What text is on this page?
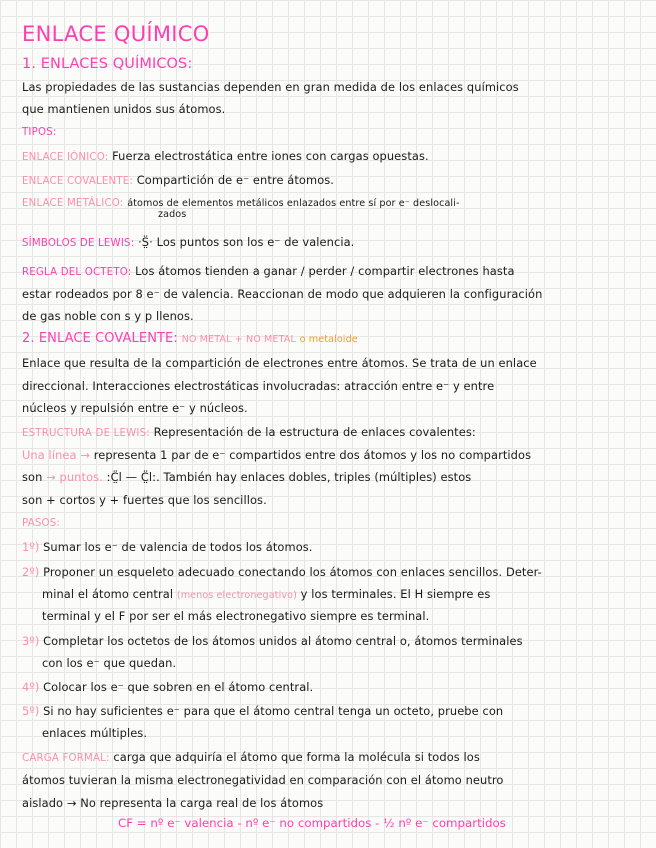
ENLACE QUÍMICO
1. ENLACES QUÍMICOS:
Las propiedades de las sustancias dependen en gran medida de los enlaces químicos
que mantienen unidos sus átomos.
TIPOS:
ENLACE IÓNICO: Fuerza electrostática entre iones con cargas opuestas.
ENLACE COVALENTE: Compartición de e⁻ entre átomos.
ENLACE METÁLICO: átomos de elementos metálicos enlazados entre sí por e⁻ deslocali-
zados
SÍMBOLOS DE LEWIS: ·S̤̈· Los puntos son los e⁻ de valencia.
REGLA DEL OCTETO: Los átomos tienden a ganar / perder / compartir electrones hasta
estar rodeados por 8 e⁻ de valencia. Reaccionan de modo que adquieren la configuración
de gas noble con s y p llenos.
2. ENLACE COVALENTE: NO METAL + NO METAL o metaloide
Enlace que resulta de la compartición de electrones entre átomos. Se trata de un enlace
direccional. Interacciones electrostáticas involucradas: atracción entre e⁻ y entre
núcleos y repulsión entre e⁻ y núcleos.
ESTRUCTURA DE LEWIS: Representación de la estructura de enlaces covalentes:
Una línea → representa 1 par de e⁻ compartidos entre dos átomos y los no compartidos
son → puntos. :C̤̈l — C̤̈l:. También hay enlaces dobles, triples (múltiples) estos
son + cortos y + fuertes que los sencillos.
PASOS:
1º) Sumar los e⁻ de valencia de todos los átomos.
2º) Proponer un esqueleto adecuado conectando los átomos con enlaces sencillos. Deter-
minal el átomo central (menos electronegativo) y los terminales. El H siempre es
terminal y el F por ser el más electronegativo siempre es terminal.
3º) Completar los octetos de los átomos unidos al átomo central o, átomos terminales
con los e⁻ que quedan.
4º) Colocar los e⁻ que sobren en el átomo central.
5º) Si no hay suficientes e⁻ para que el átomo central tenga un octeto, pruebe con
enlaces múltiples.
CARGA FORMAL: carga que adquiría el átomo que forma la molécula si todos los
átomos tuvieran la misma electronegatividad en comparación con el átomo neutro
aislado → No representa la carga real de los átomos
CF = nº e⁻ valencia - nº e⁻ no compartidos - ½ nº e⁻ compartidos
